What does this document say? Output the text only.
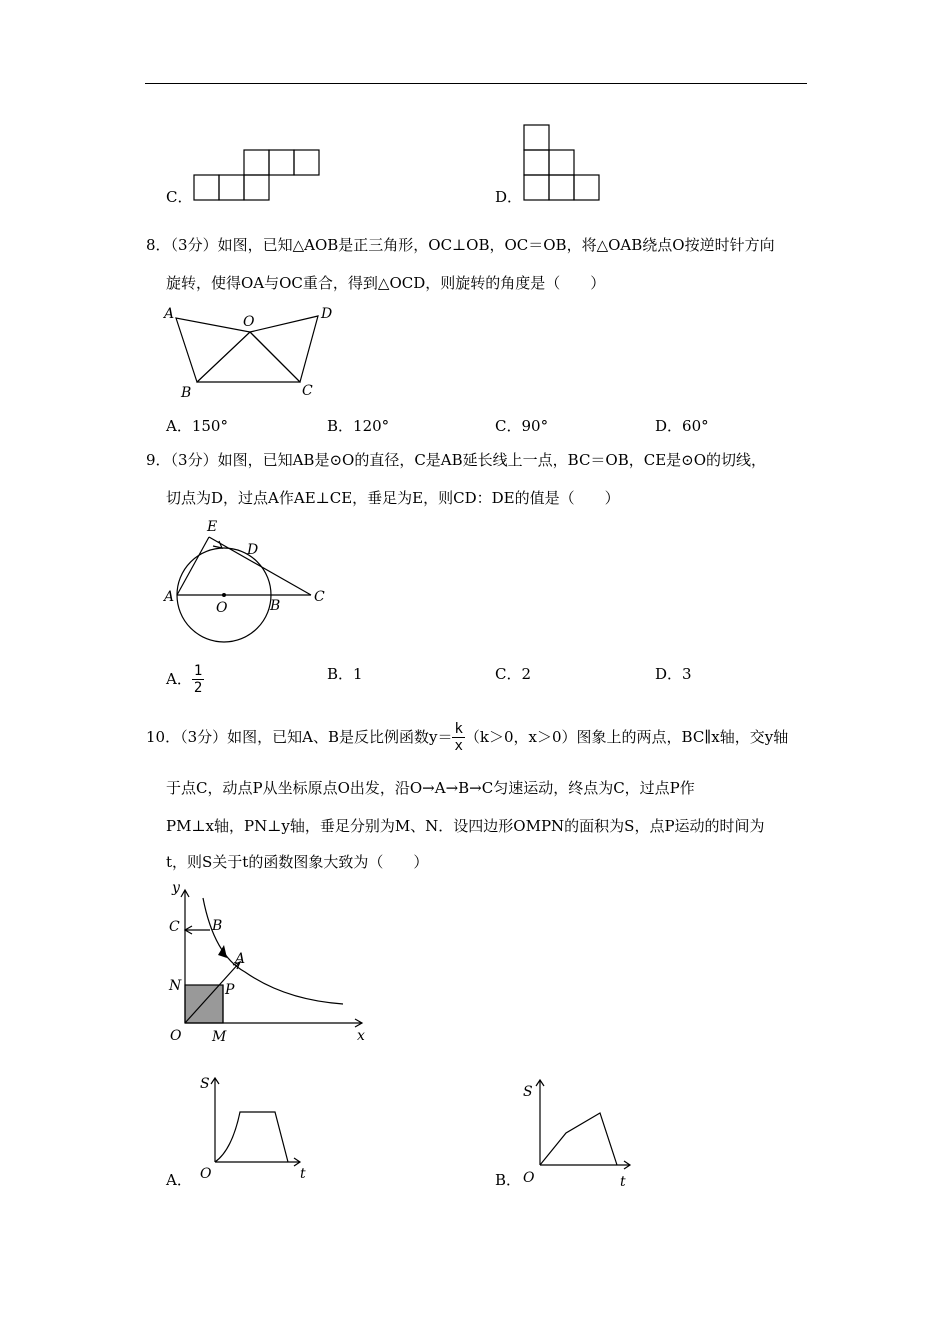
C．	D．
8．（3分）如图，已知△AOB是正三角形，OC⊥OB，OC＝OB，将△OAB绕点O按逆时针方向
旋转，使得OA与OC重合，得到△OCD，则旋转的角度是（　　）
A	O	D
B	C
A．150°	B．120°	C．90°	D．60°
9．（3分）如图，已知AB是⊙O的直径，C是AB延长线上一点，BC＝OB，CE是⊙O的切线，
切点为D，过点A作AE⊥CE，垂足为E，则CD：DE的值是（　　）
E
D
A
O	B
C
A． $\frac{1}{2}$	B．1	C．2	D．3
10．（3分）如图，已知A、B是反比例函数$y= \frac{k}{x} (k>0$，x＞0）图象上的两点，BC∥x轴，交y轴
于点C，动点P从坐标原点O出发，沿O→A→B→C匀速运动，终点为C，过点P作
PM⊥x轴，PN⊥y轴，垂足分别为M、N．设四边形OMPN的面积为S，点P运动的时间为
t，则S关于t的函数图象大致为（　　）
y
C B
A
N	P
O M	x
A．
S
O	t	B．
S
O	t
